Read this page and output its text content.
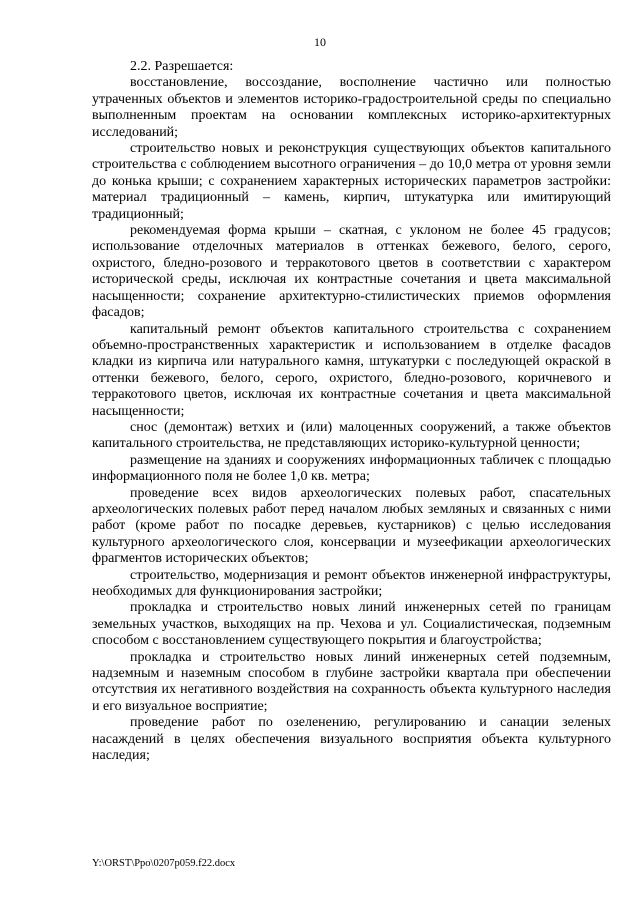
10

2.2. Разрешается:

восстановление, воссоздание, восполнение частично или полностью утраченных объектов и элементов историко-градостроительной среды по специально выполненным проектам на основании комплексных историко-архитектурных исследований;

строительство новых и реконструкция существующих объектов капитального строительства с соблюдением высотного ограничения – до 10,0 метра от уровня земли до конька крыши; с сохранением характерных исторических параметров застройки: материал традиционный – камень, кирпич, штукатурка или имитирующий традиционный;

рекомендуемая форма крыши – скатная, с уклоном не более 45 градусов; использование отделочных материалов в оттенках бежевого, белого, серого, охристого, бледно-розового и терракотового цветов в соответствии с характером исторической среды, исключая их контрастные сочетания и цвета максимальной насыщенности; сохранение архитектурно-стилистических приемов оформления фасадов;

капитальный ремонт объектов капитального строительства с сохранением объемно-пространственных характеристик и использованием в отделке фасадов кладки из кирпича или натурального камня, штукатурки с последующей окраской в оттенки бежевого, белого, серого, охристого, бледно-розового, коричневого и терракотового цветов, исключая их контрастные сочетания и цвета максимальной насыщенности;

снос (демонтаж) ветхих и (или) малоценных сооружений, а также объектов капитального строительства, не представляющих историко-культурной ценности;

размещение на зданиях и сооружениях информационных табличек с площадью информационного поля не более 1,0 кв. метра;

проведение всех видов археологических полевых работ, спасательных археологических полевых работ перед началом любых земляных и связанных с ними работ (кроме работ по посадке деревьев, кустарников) с целью исследования культурного археологического слоя, консервации и музеефикации археологических фрагментов исторических объектов;

строительство, модернизация и ремонт объектов инженерной инфраструктуры, необходимых для функционирования застройки;

прокладка и строительство новых линий инженерных сетей по границам земельных участков, выходящих на пр. Чехова и ул. Социалистическая, подземным способом с восстановлением существующего покрытия и благоустройства;

прокладка и строительство новых линий инженерных сетей подземным, надземным и наземным способом в глубине застройки квартала при обеспечении отсутствия их негативного воздействия на сохранность объекта культурного наследия и его визуальное восприятие;

проведение работ по озеленению, регулированию и санации зеленых насаждений в целях обеспечения визуального восприятия объекта культурного наследия;

Y:\ORST\Ppo\0207p059.f22.docx
